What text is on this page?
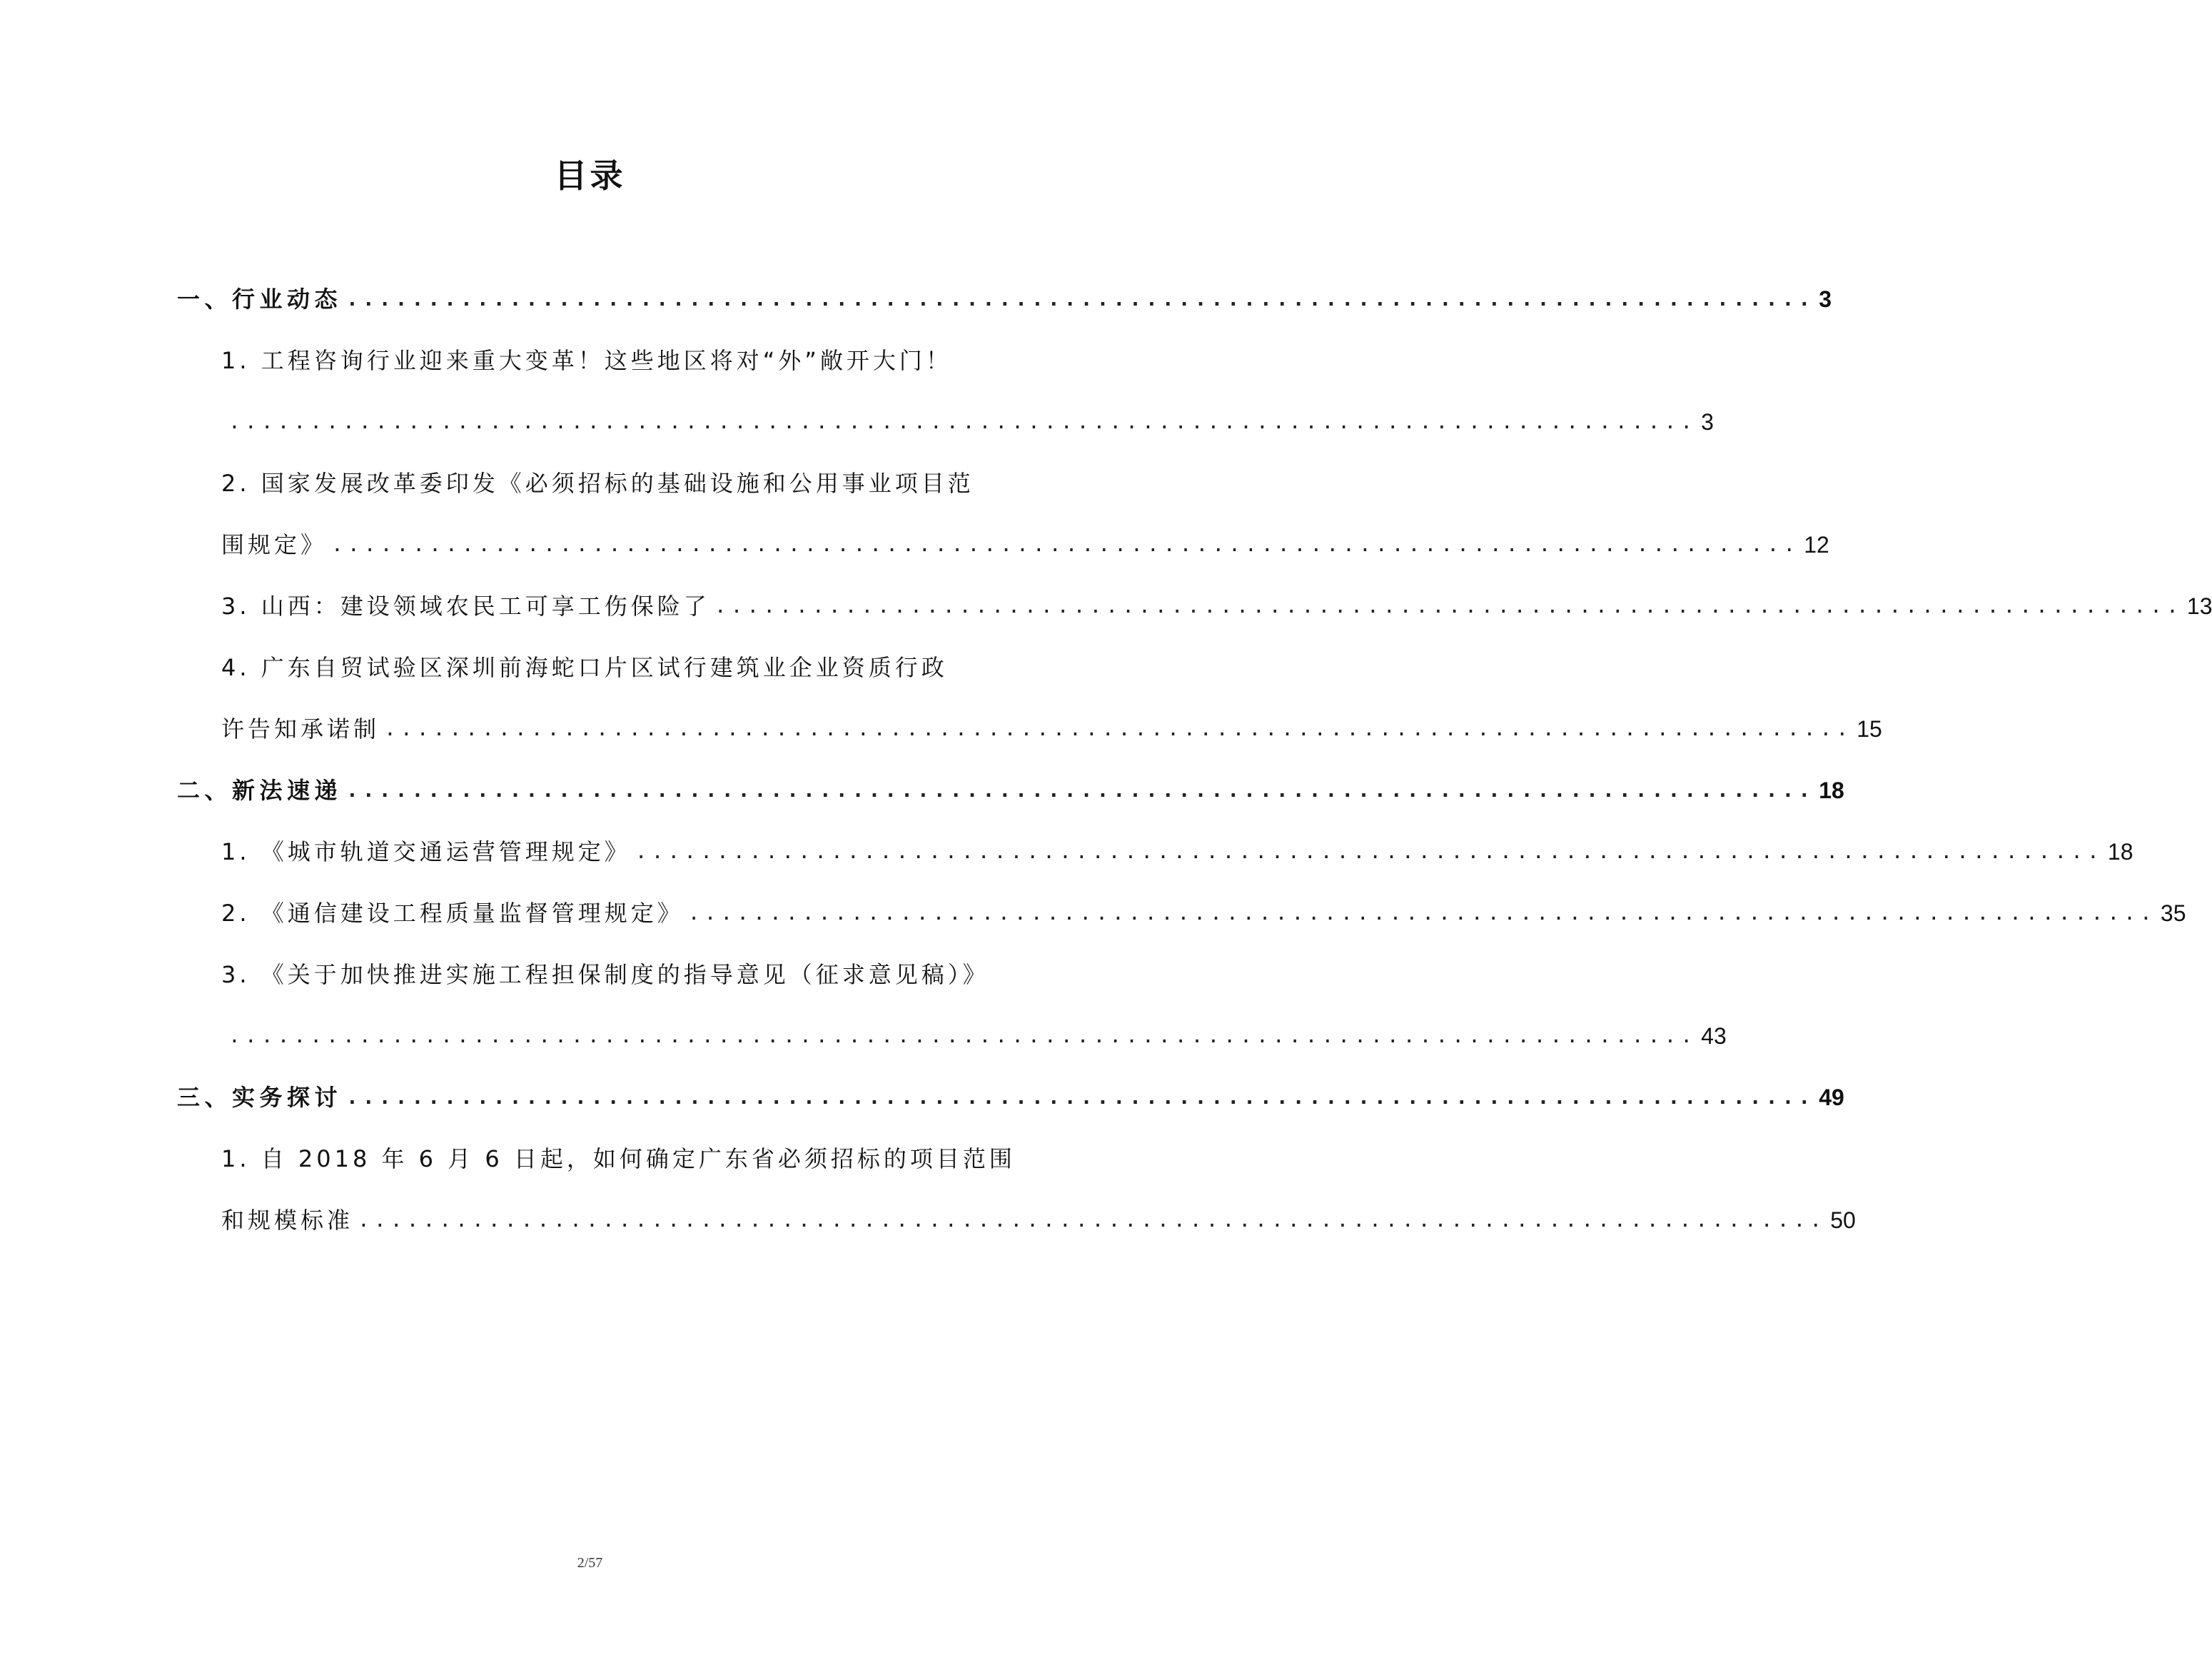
目录
一、行业动态 .......................................................................................... 3
1. 工程咨询行业迎来重大变革！这些地区将对“外”敞开大门！
.......................................................................................... 3
2. 国家发展改革委印发《必须招标的基础设施和公用事业项目范
围规定》 .......................................................................................... 12
3. 山西：建设领域农民工可享工伤保险了 .......................................................................................... 13
4. 广东自贸试验区深圳前海蛇口片区试行建筑业企业资质行政
许告知承诺制 .......................................................................................... 15
二、新法速递 .......................................................................................... 18
1. 《城市轨道交通运营管理规定》 .......................................................................................... 18
2. 《通信建设工程质量监督管理规定》 .......................................................................................... 35
3. 《关于加快推进实施工程担保制度的指导意见（征求意见稿）》
.......................................................................................... 43
三、实务探讨 .......................................................................................... 49
1. 自 2018 年 6 月 6 日起，如何确定广东省必须招标的项目范围
和规模标准 .......................................................................................... 50
2/57
